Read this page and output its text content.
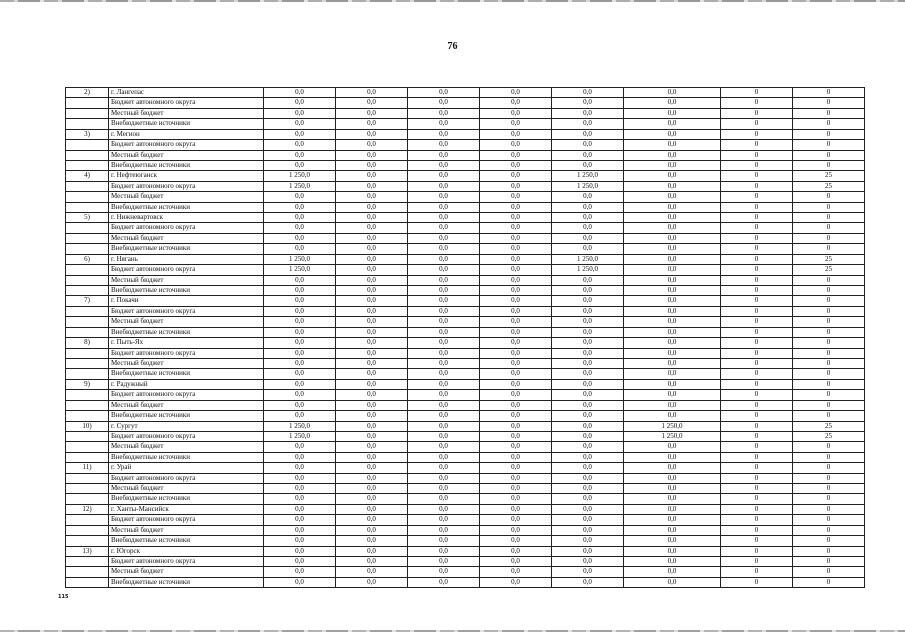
76
2)	г. Лангепас	0,0	0,0	0,0	0,0	0,0	0,0	0	0
	Бюджет автономного округа	0,0	0,0	0,0	0,0	0,0	0,0	0	0
	Местный бюджет	0,0	0,0	0,0	0,0	0,0	0,0	0	0
	Внебюджетные источники	0,0	0,0	0,0	0,0	0,0	0,0	0	0
3)	г. Мегион	0,0	0,0	0,0	0,0	0,0	0,0	0	0
	Бюджет автономного округа	0,0	0,0	0,0	0,0	0,0	0,0	0	0
	Местный бюджет	0,0	0,0	0,0	0,0	0,0	0,0	0	0
	Внебюджетные источники	0,0	0,0	0,0	0,0	0,0	0,0	0	0
4)	г. Нефтеюганск	1 250,0	0,0	0,0	0,0	1 250,0	0,0	0	25
	Бюджет автономного округа	1 250,0	0,0	0,0	0,0	1 250,0	0,0	0	25
	Местный бюджет	0,0	0,0	0,0	0,0	0,0	0,0	0	0
	Внебюджетные источники	0,0	0,0	0,0	0,0	0,0	0,0	0	0
5)	г. Нижневартовск	0,0	0,0	0,0	0,0	0,0	0,0	0	0
	Бюджет автономного округа	0,0	0,0	0,0	0,0	0,0	0,0	0	0
	Местный бюджет	0,0	0,0	0,0	0,0	0,0	0,0	0	0
	Внебюджетные источники	0,0	0,0	0,0	0,0	0,0	0,0	0	0
6)	г. Нягань	1 250,0	0,0	0,0	0,0	1 250,0	0,0	0	25
	Бюджет автономного округа	1 250,0	0,0	0,0	0,0	1 250,0	0,0	0	25
	Местный бюджет	0,0	0,0	0,0	0,0	0,0	0,0	0	0
	Внебюджетные источники	0,0	0,0	0,0	0,0	0,0	0,0	0	0
7)	г. Покачи	0,0	0,0	0,0	0,0	0,0	0,0	0	0
	Бюджет автономного округа	0,0	0,0	0,0	0,0	0,0	0,0	0	0
	Местный бюджет	0,0	0,0	0,0	0,0	0,0	0,0	0	0
	Внебюджетные источники	0,0	0,0	0,0	0,0	0,0	0,0	0	0
8)	г. Пыть-Ях	0,0	0,0	0,0	0,0	0,0	0,0	0	0
	Бюджет автономного округа	0,0	0,0	0,0	0,0	0,0	0,0	0	0
	Местный бюджет	0,0	0,0	0,0	0,0	0,0	0,0	0	0
	Внебюджетные источники	0,0	0,0	0,0	0,0	0,0	0,0	0	0
9)	г. Радужный	0,0	0,0	0,0	0,0	0,0	0,0	0	0
	Бюджет автономного округа	0,0	0,0	0,0	0,0	0,0	0,0	0	0
	Местный бюджет	0,0	0,0	0,0	0,0	0,0	0,0	0	0
	Внебюджетные источники	0,0	0,0	0,0	0,0	0,0	0,0	0	0
10)	г. Сургут	1 250,0	0,0	0,0	0,0	0,0	1 250,0	0	25
	Бюджет автономного округа	1 250,0	0,0	0,0	0,0	0,0	1 250,0	0	25
	Местный бюджет	0,0	0,0	0,0	0,0	0,0	0,0	0	0
	Внебюджетные источники	0,0	0,0	0,0	0,0	0,0	0,0	0	0
11)	г. Урай	0,0	0,0	0,0	0,0	0,0	0,0	0	0
	Бюджет автономного округа	0,0	0,0	0,0	0,0	0,0	0,0	0	0
	Местный бюджет	0,0	0,0	0,0	0,0	0,0	0,0	0	0
	Внебюджетные источники	0,0	0,0	0,0	0,0	0,0	0,0	0	0
12)	г. Ханты-Мансийск	0,0	0,0	0,0	0,0	0,0	0,0	0	0
	Бюджет автономного округа	0,0	0,0	0,0	0,0	0,0	0,0	0	0
	Местный бюджет	0,0	0,0	0,0	0,0	0,0	0,0	0	0
	Внебюджетные источники	0,0	0,0	0,0	0,0	0,0	0,0	0	0
13)	г. Югорск	0,0	0,0	0,0	0,0	0,0	0,0	0	0
	Бюджет автономного округа	0,0	0,0	0,0	0,0	0,0	0,0	0	0
	Местный бюджет	0,0	0,0	0,0	0,0	0,0	0,0	0	0
	Внебюджетные источники	0,0	0,0	0,0	0,0	0,0	0,0	0	0
115
